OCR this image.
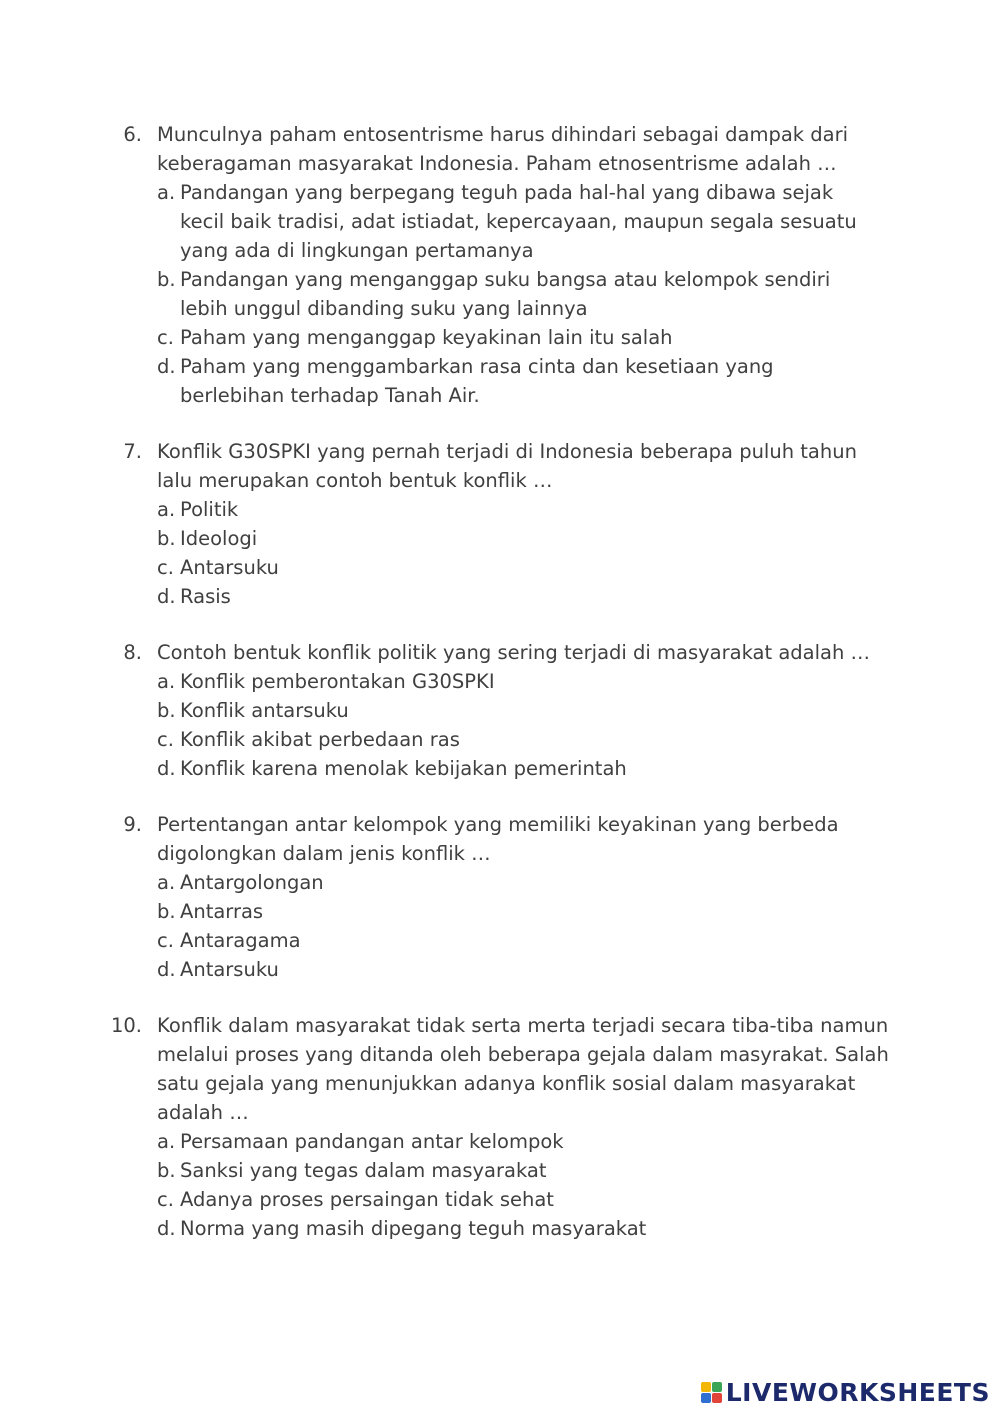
6. Munculnya paham entosentrisme harus dihindari sebagai dampak dari keberagaman masyarakat Indonesia. Paham etnosentrisme adalah …
a. Pandangan yang berpegang teguh pada hal-hal yang dibawa sejak kecil baik tradisi, adat istiadat, kepercayaan, maupun segala sesuatu yang ada di lingkungan pertamanya
b. Pandangan yang menganggap suku bangsa atau kelompok sendiri lebih unggul dibanding suku yang lainnya
c. Paham yang menganggap keyakinan lain itu salah
d. Paham yang menggambarkan rasa cinta dan kesetiaan yang berlebihan terhadap Tanah Air.
7. Konflik G30SPKI yang pernah terjadi di Indonesia beberapa puluh tahun lalu merupakan contoh bentuk konflik …
a. Politik
b. Ideologi
c. Antarsuku
d. Rasis
8. Contoh bentuk konflik politik yang sering terjadi di masyarakat adalah …
a. Konflik pemberontakan G30SPKI
b. Konflik antarsuku
c. Konflik akibat perbedaan ras
d. Konflik karena menolak kebijakan pemerintah
9. Pertentangan antar kelompok yang memiliki keyakinan yang berbeda digolongkan dalam jenis konflik …
a. Antargolongan
b. Antarras
c. Antaragama
d. Antarsuku
10. Konflik dalam masyarakat tidak serta merta terjadi secara tiba-tiba namun melalui proses yang ditanda oleh beberapa gejala dalam masyrakat. Salah satu gejala yang menunjukkan adanya konflik sosial dalam masyarakat adalah …
a. Persamaan pandangan antar kelompok
b. Sanksi yang tegas dalam masyarakat
c. Adanya proses persaingan tidak sehat
d. Norma yang masih dipegang teguh masyarakat
LIVEWORKSHEETS
